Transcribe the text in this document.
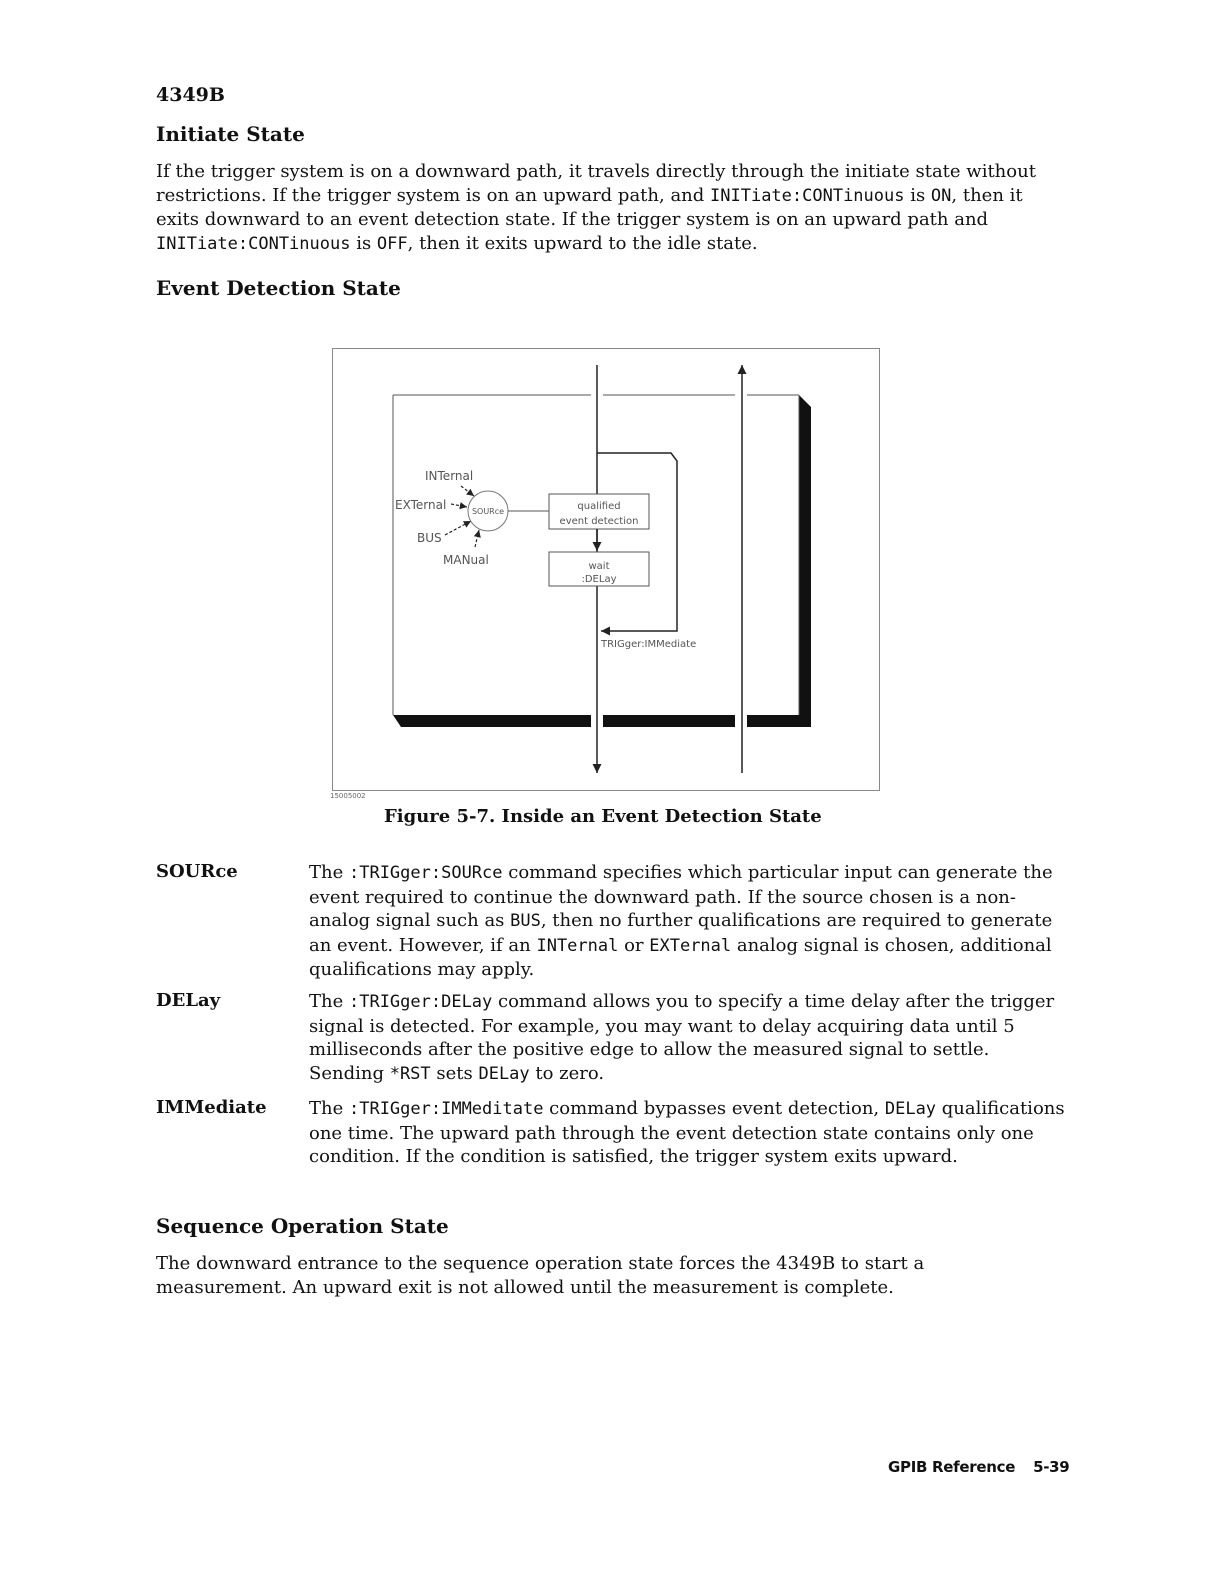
4349B
Initiate State

If the trigger system is on a downward path, it travels directly through the initiate state without restrictions. If the trigger system is on an upward path, and INITiate:CONTinuous is ON, then it exits downward to an event detection state. If the trigger system is on an upward path and INITiate:CONTinuous is OFF, then it exits upward to the idle state.

Event Detection State
INTernal
EXTernal
BUS
MANual
SOURce	qualified
event detection
wait
:DELay
TRIGger:IMMediate
15005002
Figure 5-7. Inside an Event Detection State
SOURce	The :TRIGger:SOURce command specifies which particular input can generate the event required to continue the downward path. If the source chosen is a non-analog signal such as BUS, then no further qualifications are required to generate an event. However, if an INTernal or EXTernal analog signal is chosen, additional qualifications may apply.

DELay	The :TRIGger:DELay command allows you to specify a time delay after the trigger signal is detected. For example, you may want to delay acquiring data until 5 milliseconds after the positive edge to allow the measured signal to settle. Sending *RST sets DELay to zero.

IMMediate The :TRIGger:IMMeditate command bypasses event detection, DELay qualifications one time. The upward path through the event detection state contains only one condition. If the condition is satisfied, the trigger system exits upward.

Sequence Operation State

The downward entrance to the sequence operation state forces the 4349B to start a measurement. An upward exit is not allowed until the measurement is complete.

GPIB Reference 5-39
